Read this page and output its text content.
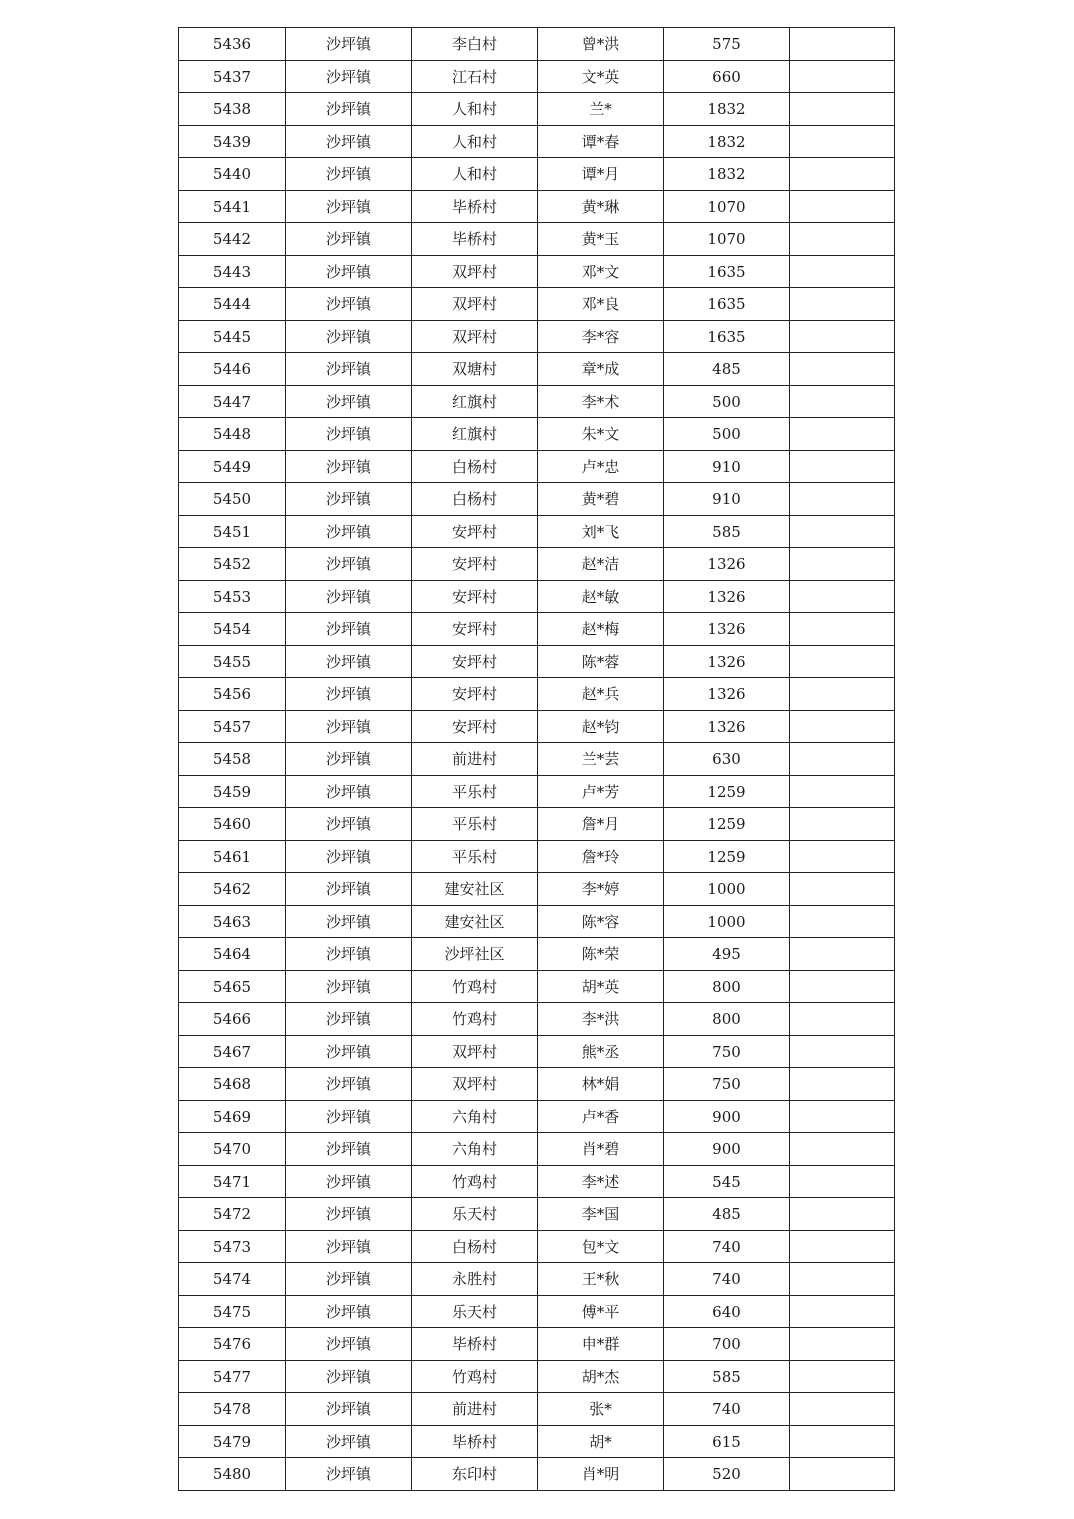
5436	沙坪镇	李白村	曾*洪	575	
5437	沙坪镇	江石村	文*英	660	
5438	沙坪镇	人和村	兰*	1832	
5439	沙坪镇	人和村	谭*春	1832	
5440	沙坪镇	人和村	谭*月	1832	
5441	沙坪镇	毕桥村	黄*琳	1070	
5442	沙坪镇	毕桥村	黄*玉	1070	
5443	沙坪镇	双坪村	邓*文	1635	
5444	沙坪镇	双坪村	邓*良	1635	
5445	沙坪镇	双坪村	李*容	1635	
5446	沙坪镇	双塘村	章*成	485	
5447	沙坪镇	红旗村	李*术	500	
5448	沙坪镇	红旗村	朱*文	500	
5449	沙坪镇	白杨村	卢*忠	910	
5450	沙坪镇	白杨村	黄*碧	910	
5451	沙坪镇	安坪村	刘*飞	585	
5452	沙坪镇	安坪村	赵*洁	1326	
5453	沙坪镇	安坪村	赵*敏	1326	
5454	沙坪镇	安坪村	赵*梅	1326	
5455	沙坪镇	安坪村	陈*蓉	1326	
5456	沙坪镇	安坪村	赵*兵	1326	
5457	沙坪镇	安坪村	赵*钧	1326	
5458	沙坪镇	前进村	兰*芸	630	
5459	沙坪镇	平乐村	卢*芳	1259	
5460	沙坪镇	平乐村	詹*月	1259	
5461	沙坪镇	平乐村	詹*玲	1259	
5462	沙坪镇	建安社区	李*婷	1000	
5463	沙坪镇	建安社区	陈*容	1000	
5464	沙坪镇	沙坪社区	陈*荣	495	
5465	沙坪镇	竹鸡村	胡*英	800	
5466	沙坪镇	竹鸡村	李*洪	800	
5467	沙坪镇	双坪村	熊*丞	750	
5468	沙坪镇	双坪村	林*娟	750	
5469	沙坪镇	六角村	卢*香	900	
5470	沙坪镇	六角村	肖*碧	900	
5471	沙坪镇	竹鸡村	李*述	545	
5472	沙坪镇	乐天村	李*国	485	
5473	沙坪镇	白杨村	包*文	740	
5474	沙坪镇	永胜村	王*秋	740	
5475	沙坪镇	乐天村	傅*平	640	
5476	沙坪镇	毕桥村	申*群	700	
5477	沙坪镇	竹鸡村	胡*杰	585	
5478	沙坪镇	前进村	张*	740	
5479	沙坪镇	毕桥村	胡*	615	
5480	沙坪镇	东印村	肖*明	520	
